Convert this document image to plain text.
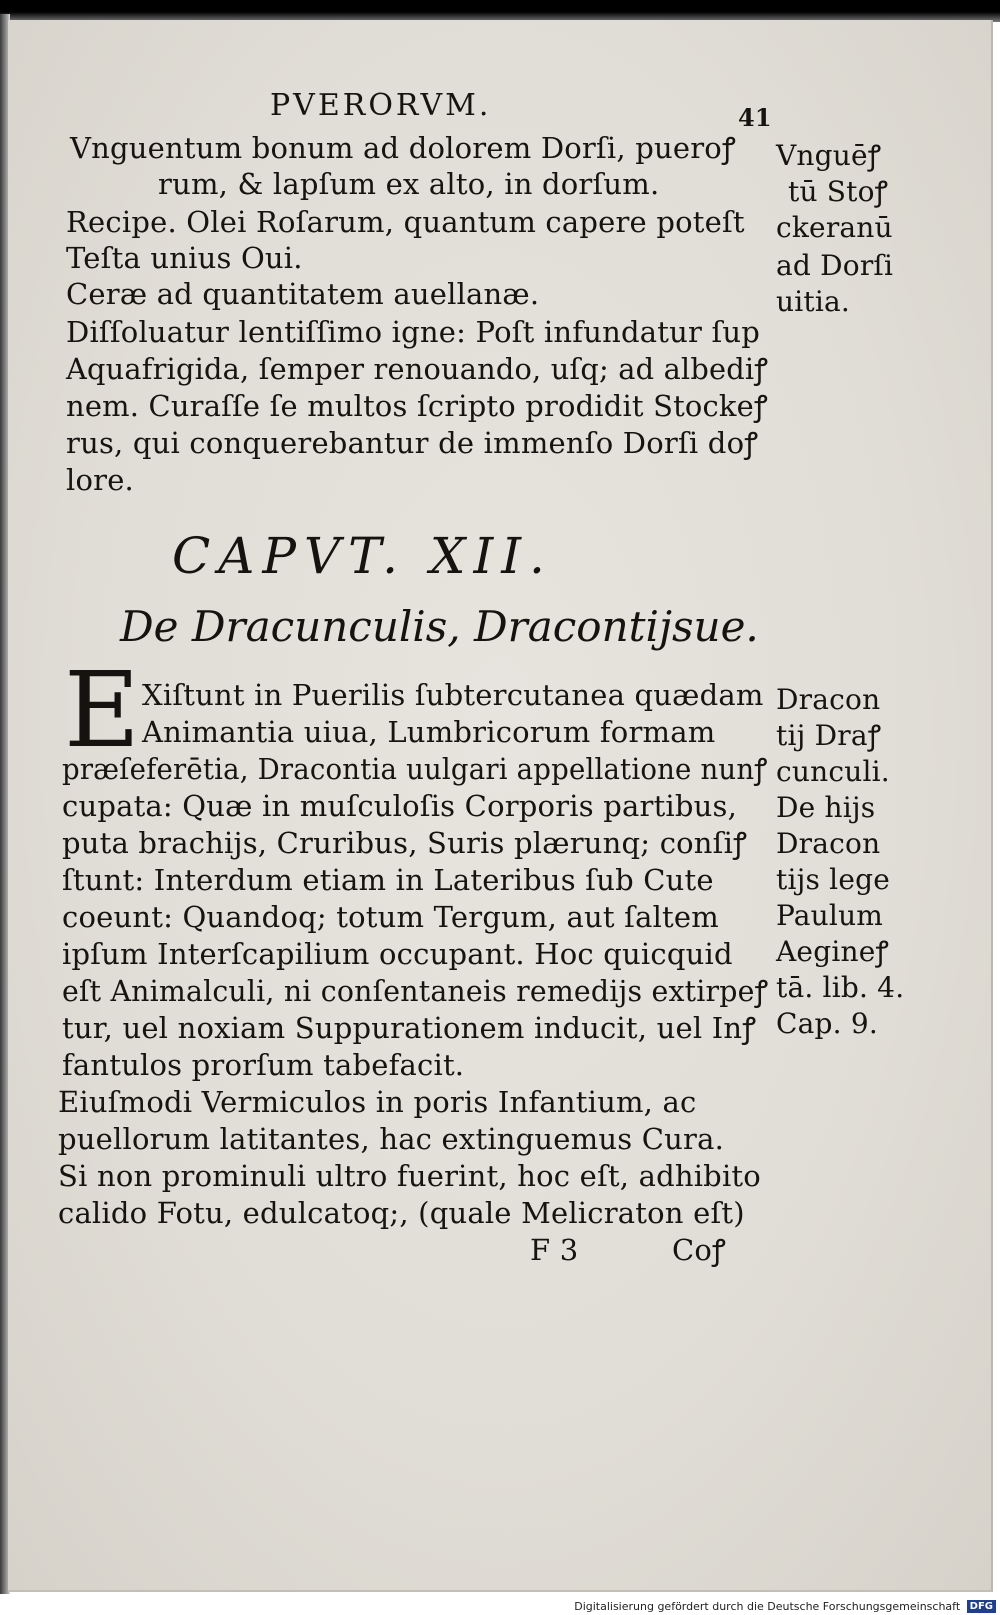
PVERORVM.	41
Vnguentum bonum ad dolorem Dorſi, pueroꝭ
rum, & lapſum ex alto, in dorſum.
Recipe. Olei Roſarum, quantum capere poteſt
Teſta unius Oui.
Ceræ ad quantitatem auellanæ.
Diſſoluatur lentiſſimo igne: Poſt infundatur ſup
Aquafrigida, ſemper renouando, uſq; ad albediꝭ
nem. Curaſſe ſe multos ſcripto prodidit Stockeꝭ
rus, qui conquerebantur de immenſo Dorſi doꝭ
lore.
Vnguēꝭ
tū Stoꝭ
ckeranū
ad Dorſi
uitia.
CAPVT. XII.
De Dracunculis, Dracontijsue.
E Xiſtunt in Puerilis ſubtercutanea quædam
Animantia uiua, Lumbricorum formam
præſeferētia, Dracontia uulgari appellatione nunꝭ
cupata: Quæ in muſculoſis Corporis partibus,
puta brachijs, Cruribus, Suris plærunq; conſiꝭ
ſtunt: Interdum etiam in Lateribus ſub Cute
coeunt: Quandoq; totum Tergum, aut ſaltem
ipſum Interſcapilium occupant. Hoc quicquid
eſt Animalculi, ni conſentaneis remedijs extirpeꝭ
tur, uel noxiam Suppurationem inducit, uel Inꝭ
fantulos prorſum tabefacit.
Eiuſmodi Vermiculos in poris Infantium, ac
puellorum latitantes, hac extinguemus Cura.
Si non prominuli ultro fuerint, hoc eſt, adhibito
calido Fotu, edulcatoq;, (quale Melicraton eſt)
Dracon
tij Draꝭ
cunculi.
De hijs
Dracon
tijs lege
Paulum
Aegineꝭ
tā. lib. 4.
Cap. 9.
F 3	Coꝭ
Digitalisierung gefördert durch die Deutsche Forschungsgemeinschaft DFG
